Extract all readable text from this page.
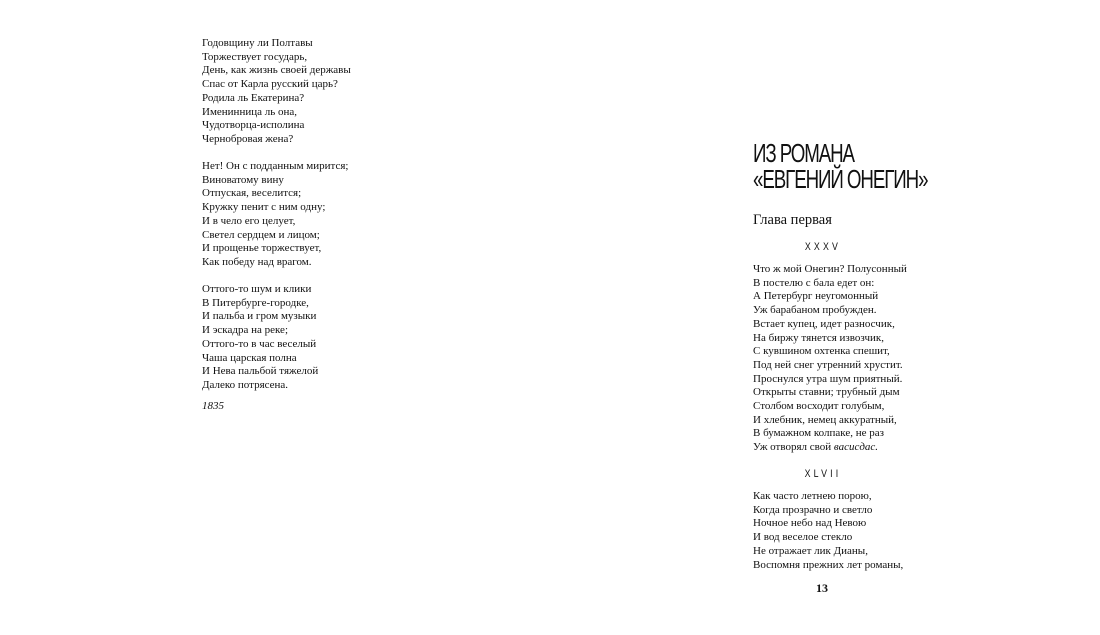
Годовщину ли Полтавы
Торжествует государь,
День, как жизнь своей державы
Спас от Карла русский царь?
Родила ль Екатерина?
Именинница ль она,
Чудотворца-исполина
Чернобровая жена?
Нет! Он с подданным мирится;
Виноватому вину
Отпуская, веселится;
Кружку пенит с ним одну;
И в чело его целует,
Светел сердцем и лицом;
И прощенье торжествует,
Как победу над врагом.
Оттого-то шум и клики
В Питербурге-городке,
И пальба и гром музыки
И эскадра на реке;
Оттого-то в час веселый
Чаша царская полна
И Нева пальбой тяжелой
Далеко потрясена.
1835
ИЗ РОМАНА
«ЕВГЕНИЙ ОНЕГИН»
Глава первая
XXXV
Что ж мой Онегин? Полусонный
В постелю с бала едет он:
А Петербург неугомонный
Уж барабаном пробужден.
Встает купец, идет разносчик,
На биржу тянется извозчик,
С кувшином охтенка спешит,
Под ней снег утренний хрустит.
Проснулся утра шум приятный.
Открыты ставни; трубный дым
Столбом восходит голубым,
И хлебник, немец аккуратный,
В бумажном колпаке, не раз
Уж отворял свой васисдас.
XLVII
Как часто летнею порою,
Когда прозрачно и светло
Ночное небо над Невою
И вод веселое стекло
Не отражает лик Дианы,
Воспомня прежних лет романы,
13
